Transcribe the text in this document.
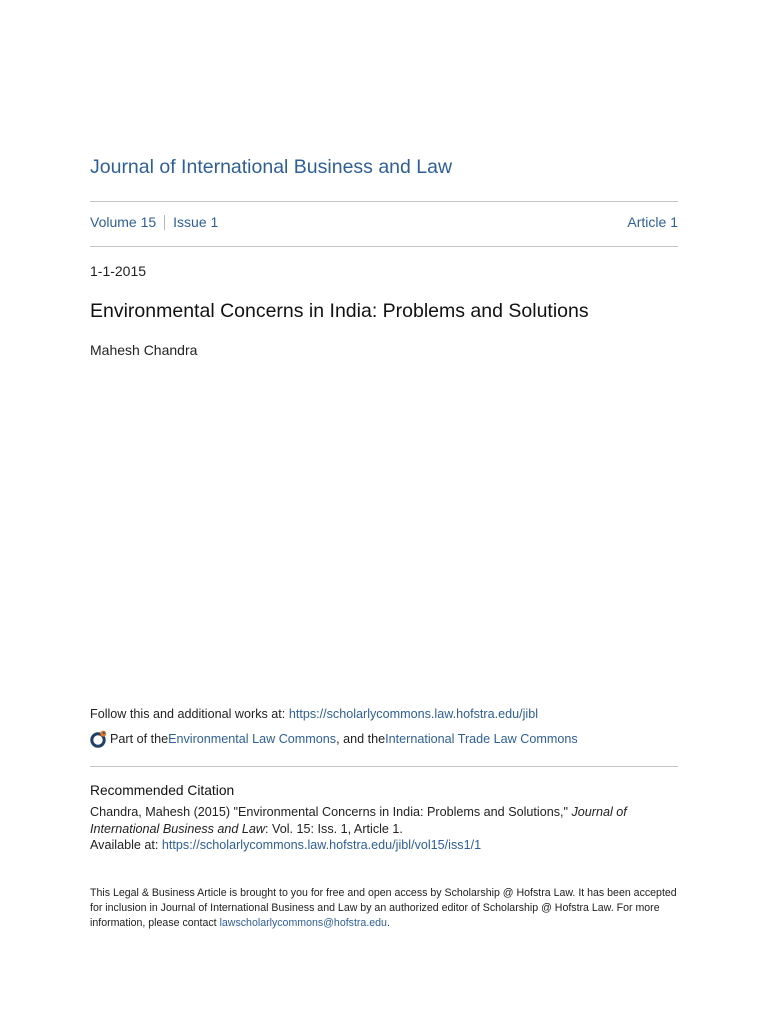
Journal of International Business and Law
Volume 15 Issue 1	Article 1
1-1-2015
Environmental Concerns in India: Problems and Solutions
Mahesh Chandra
Follow this and additional works at: https://scholarlycommons.law.hofstra.edu/jibl
Part of the Environmental Law Commons , and the International Trade Law Commons
Recommended Citation
Chandra, Mahesh (2015) "Environmental Concerns in India: Problems and Solutions," Journal of International Business and Law: Vol. 15: Iss. 1, Article 1.
Available at: https://scholarlycommons.law.hofstra.edu/jibl/vol15/iss1/1
This Legal & Business Article is brought to you for free and open access by Scholarship @ Hofstra Law. It has been accepted for inclusion in Journal of International Business and Law by an authorized editor of Scholarship @ Hofstra Law. For more information, please contact lawscholarlycommons@hofstra.edu.
